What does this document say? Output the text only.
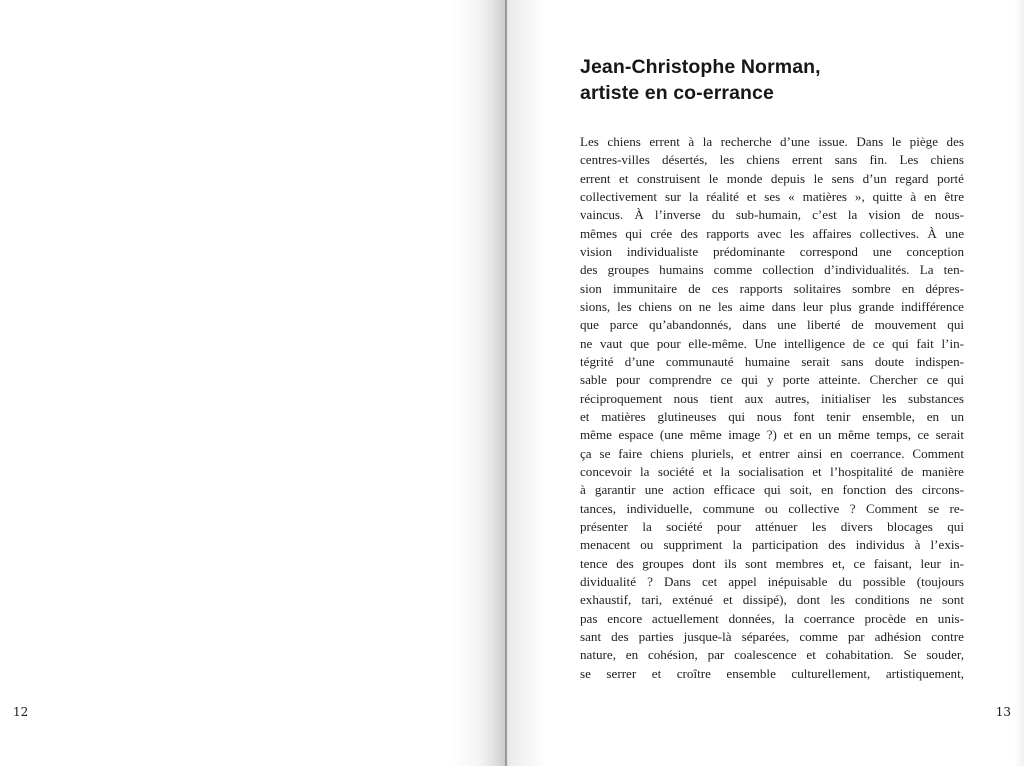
12
Jean-Christophe Norman,
artiste en co-errance
Les chiens errent à la recherche d’une issue. Dans le piège des
centres-villes désertés, les chiens errent sans fin. Les chiens
errent et construisent le monde depuis le sens d’un regard porté
collectivement sur la réalité et ses « matières », quitte à en être
vaincus. À l’inverse du sub-humain, c’est la vision de nous-
mêmes qui crée des rapports avec les affaires collectives. À une
vision individualiste prédominante correspond une conception
des groupes humains comme collection d’individualités. La ten-
sion immunitaire de ces rapports solitaires sombre en dépres-
sions, les chiens on ne les aime dans leur plus grande indifférence
que parce qu’abandonnés, dans une liberté de mouvement qui
ne vaut que pour elle-même. Une intelligence de ce qui fait l’in-
tégrité d’une communauté humaine serait sans doute indispen-
sable pour comprendre ce qui y porte atteinte. Chercher ce qui
réciproquement nous tient aux autres, initialiser les substances
et matières glutineuses qui nous font tenir ensemble, en un
même espace (une même image ?) et en un même temps, ce serait
ça se faire chiens pluriels, et entrer ainsi en coerrance. Comment
concevoir la société et la socialisation et l’hospitalité de manière
à garantir une action efficace qui soit, en fonction des circons-
tances, individuelle, commune ou collective ? Comment se re-
présenter la société pour atténuer les divers blocages qui
menacent ou suppriment la participation des individus à l’exis-
tence des groupes dont ils sont membres et, ce faisant, leur in-
dividualité ? Dans cet appel inépuisable du possible (toujours
exhaustif, tari, exténué et dissipé), dont les conditions ne sont
pas encore actuellement données, la coerrance procède en unis-
sant des parties jusque-là séparées, comme par adhésion contre
nature, en cohésion, par coalescence et cohabitation. Se souder,
se serrer et croître ensemble culturellement, artistiquement,
13
